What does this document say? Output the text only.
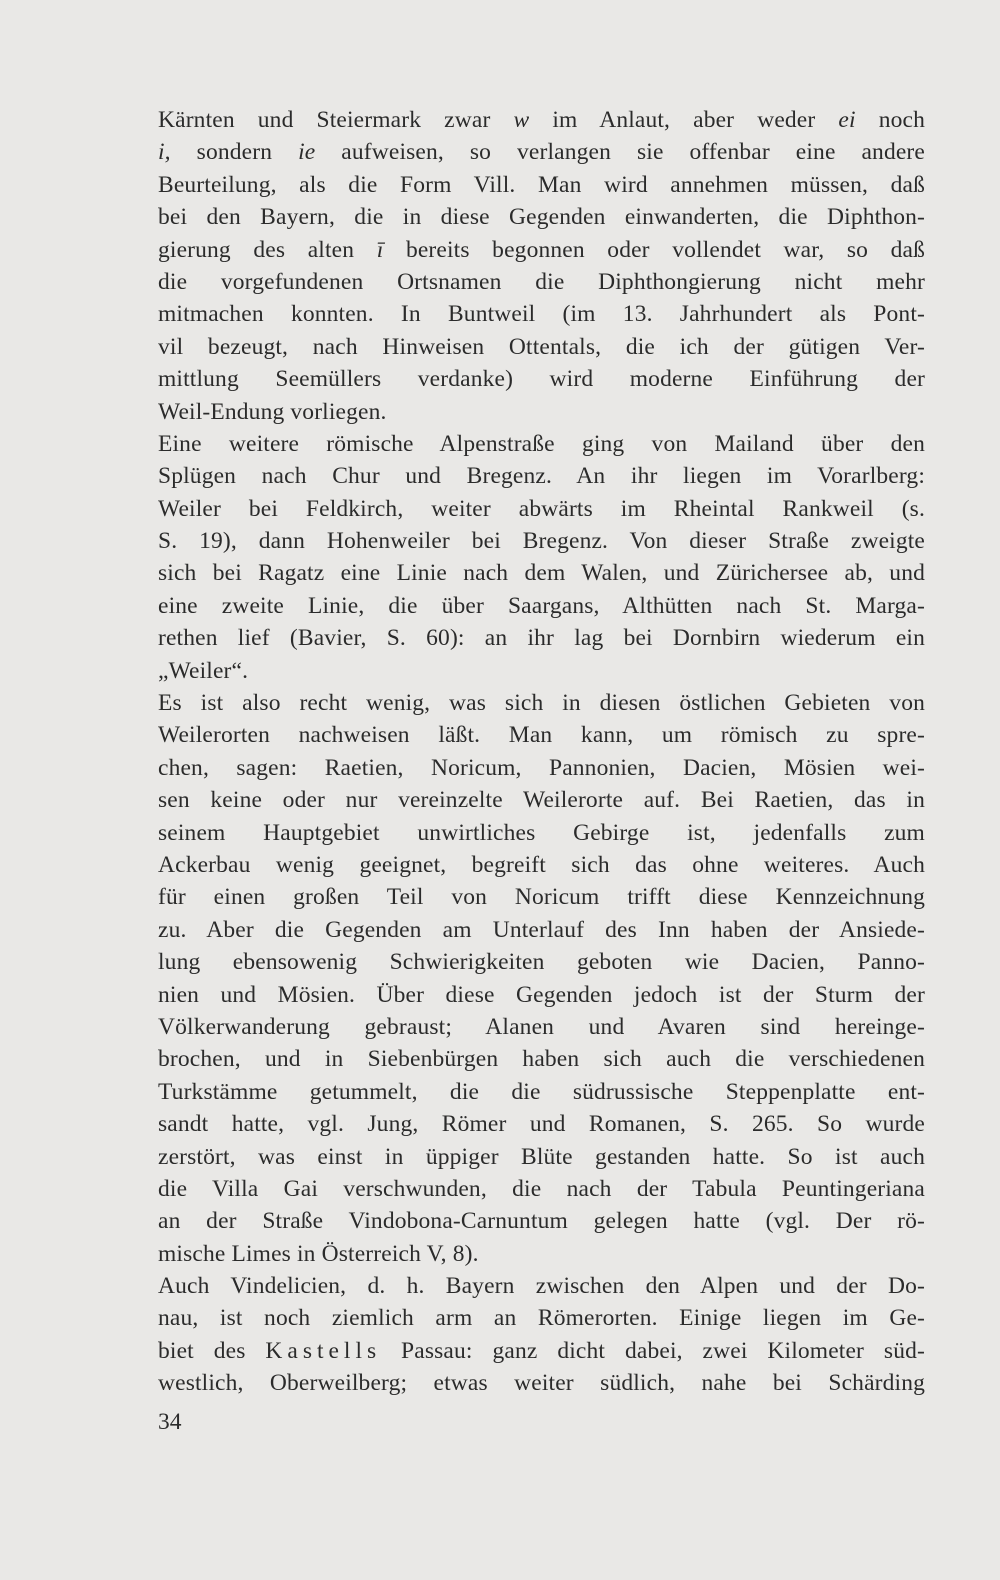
Kärnten und Steiermark zwar w im Anlaut, aber weder ei noch
i, sondern ie aufweisen, so verlangen sie offenbar eine andere
Beurteilung, als die Form Vill. Man wird annehmen müssen, daß
bei den Bayern, die in diese Gegenden einwanderten, die Diphthon-
gierung des alten ī bereits begonnen oder vollendet war, so daß
die vorgefundenen Ortsnamen die Diphthongierung nicht mehr
mitmachen konnten. In Buntweil (im 13. Jahrhundert als Pont-
vil bezeugt, nach Hinweisen Ottentals, die ich der gütigen Ver-
mittlung Seemüllers verdanke) wird moderne Einführung der
Weil-Endung vorliegen.
Eine weitere römische Alpenstraße ging von Mailand über den
Splügen nach Chur und Bregenz. An ihr liegen im Vorarlberg:
Weiler bei Feldkirch, weiter abwärts im Rheintal Rankweil (s.
S. 19), dann Hohenweiler bei Bregenz. Von dieser Straße zweigte
sich bei Ragatz eine Linie nach dem Walen, und Zürichersee ab, und
eine zweite Linie, die über Saargans, Althütten nach St. Marga-
rethen lief (Bavier, S. 60): an ihr lag bei Dornbirn wiederum ein
„Weiler“.
Es ist also recht wenig, was sich in diesen östlichen Gebieten von
Weilerorten nachweisen läßt. Man kann, um römisch zu spre-
chen, sagen: Raetien, Noricum, Pannonien, Dacien, Mösien wei-
sen keine oder nur vereinzelte Weilerorte auf. Bei Raetien, das in
seinem Hauptgebiet unwirtliches Gebirge ist, jedenfalls zum
Ackerbau wenig geeignet, begreift sich das ohne weiteres. Auch
für einen großen Teil von Noricum trifft diese Kennzeichnung
zu. Aber die Gegenden am Unterlauf des Inn haben der Ansiede-
lung ebensowenig Schwierigkeiten geboten wie Dacien, Panno-
nien und Mösien. Über diese Gegenden jedoch ist der Sturm der
Völkerwanderung gebraust; Alanen und Avaren sind hereinge-
brochen, und in Siebenbürgen haben sich auch die verschiedenen
Turkstämme getummelt, die die südrussische Steppenplatte ent-
sandt hatte, vgl. Jung, Römer und Romanen, S. 265. So wurde
zerstört, was einst in üppiger Blüte gestanden hatte. So ist auch
die Villa Gai verschwunden, die nach der Tabula Peuntingeriana
an der Straße Vindobona-Carnuntum gelegen hatte (vgl. Der rö-
mische Limes in Österreich V, 8).
Auch Vindelicien, d. h. Bayern zwischen den Alpen und der Do-
nau, ist noch ziemlich arm an Römerorten. Einige liegen im Ge-
biet des Kastells Passau: ganz dicht dabei, zwei Kilometer süd-
westlich, Oberweilberg; etwas weiter südlich, nahe bei Schärding
34
